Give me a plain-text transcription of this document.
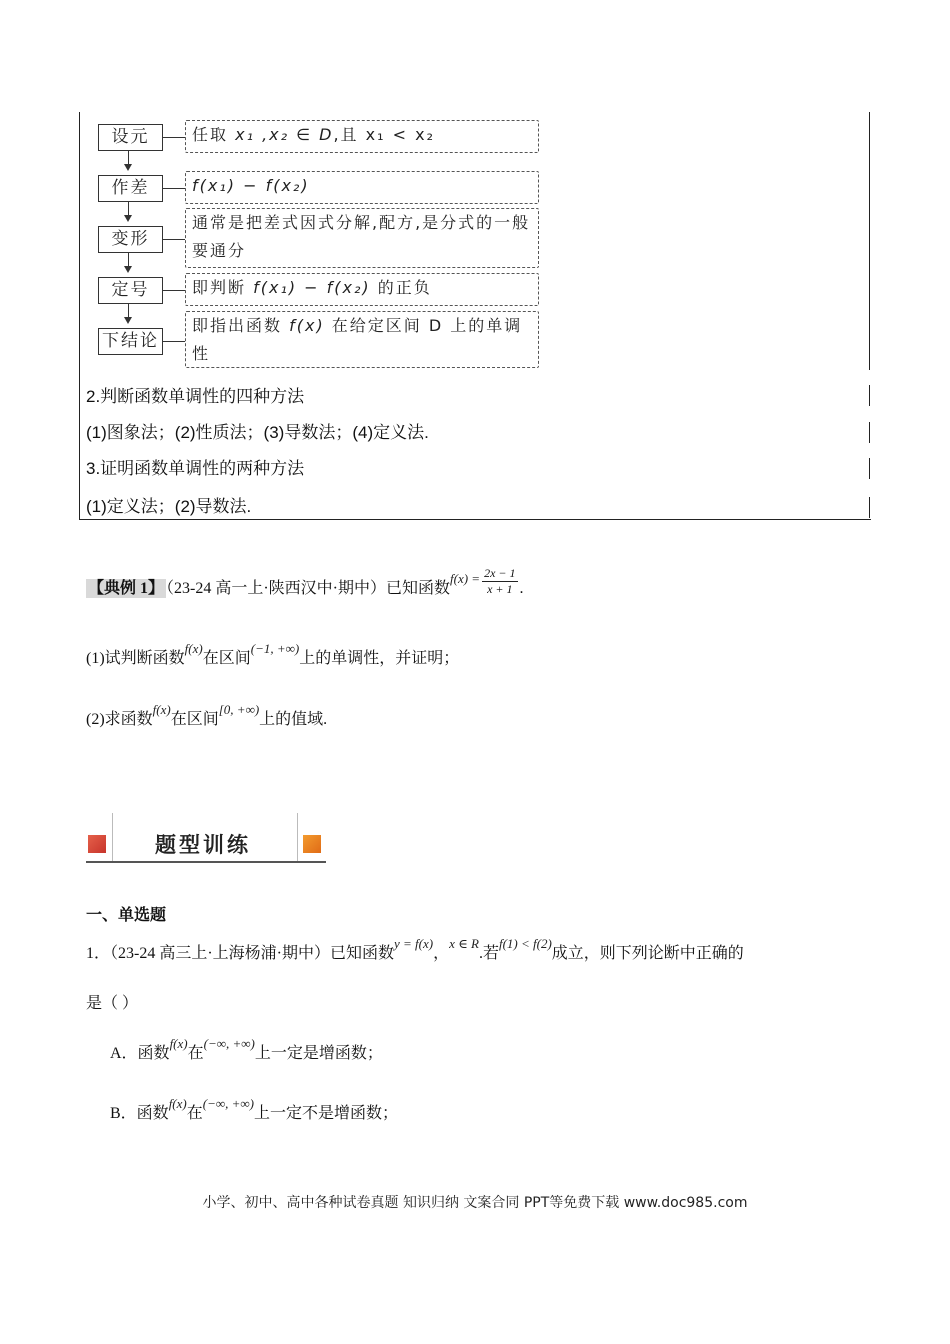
设元	任取 x₁ ,x₂ ∈ D,且 x₁ < x₂
作差	f(x₁) − f(x₂)
变形
通常是把差式因式分解,配方,是分式的一般要通分
定号	即判断 f(x₁) − f(x₂) 的正负
下结论
即指出函数 f(x) 在给定区间 D 上的单调性
2.判断函数单调性的四种方法
(1)图象法；(2)性质法；(3)导数法；(4)定义法.
3.证明函数单调性的两种方法
(1)定义法；(2)导数法.
【典例 1】 （23-24 高一上·陕西汉中·期中）已知函数$^{f(x) =} \frac{2x - 1}{x + 1}$ .
(1)试判断函数$^{f(x)}$在区间$^{(-1, +\infty)}$上的单调性，并证明；
(2)求函数$^{f(x)}$在区间$^{[0, +\infty)}$上的值域.
题型训练
一、单选题
1．（23-24 高三上·上海杨浦·期中）已知函数$^{y = f(x)}$，$^{x \in R}$.若$^{f(1) < f(2)}$成立，则下列论断中正确的
是（ ）
A．函数$^{f(x)}$在(−∞, +∞)上一定是增函数；
B．函数$^{f(x)}$在(−∞, +∞)上一定不是增函数；
小学、初中、高中各种试卷真题 知识归纳 文案合同 PPT等免费下载 www.doc985.com
